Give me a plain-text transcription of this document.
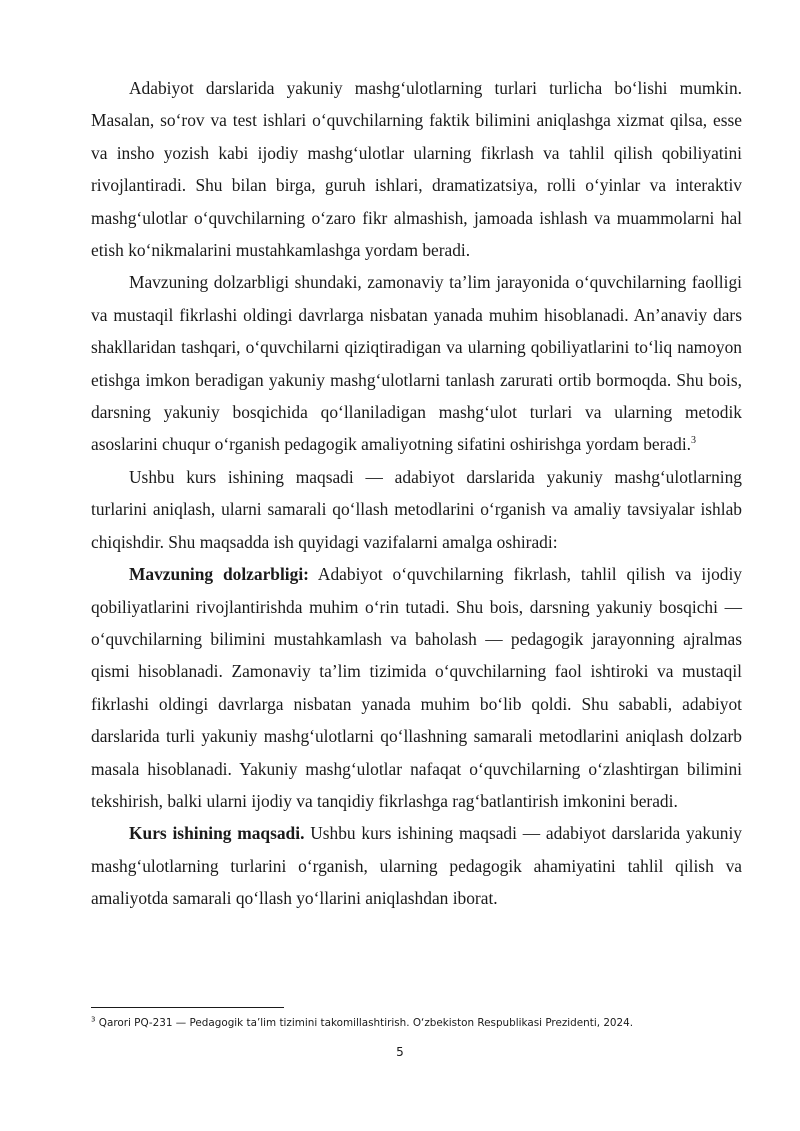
Adabiyot darslarida yakuniy mashg‘ulotlarning turlari turlicha bo‘lishi mumkin. Masalan, so‘rov va test ishlari o‘quvchilarning faktik bilimini aniqlashga xizmat qilsa, esse va insho yozish kabi ijodiy mashg‘ulotlar ularning fikrlash va tahlil qilish qobiliyatini rivojlantiradi. Shu bilan birga, guruh ishlari, dramatizatsiya, rolli o‘yinlar va interaktiv mashg‘ulotlar o‘quvchilarning o‘zaro fikr almashish, jamoada ishlash va muammolarni hal etish ko‘nikmalarini mustahkamlashga yordam beradi.

Mavzuning dolzarbligi shundaki, zamonaviy ta’lim jarayonida o‘quvchilarning faolligi va mustaqil fikrlashi oldingi davrlarga nisbatan yanada muhim hisoblanadi. An’anaviy dars shakllaridan tashqari, o‘quvchilarni qiziqtiradigan va ularning qobiliyatlarini to‘liq namoyon etishga imkon beradigan yakuniy mashg‘ulotlarni tanlash zarurati ortib bormoqda. Shu bois, darsning yakuniy bosqichida qo‘llaniladigan mashg‘ulot turlari va ularning metodik asoslarini chuqur o‘rganish pedagogik amaliyotning sifatini oshirishga yordam beradi.$^3$

Ushbu kurs ishining maqsadi — adabiyot darslarida yakuniy mashg‘ulotlarning turlarini aniqlash, ularni samarali qo‘llash metodlarini o‘rganish va amaliy tavsiyalar ishlab chiqishdir. Shu maqsadda ish quyidagi vazifalarni amalga oshiradi:

Mavzuning dolzarbligi: Adabiyot o‘quvchilarning fikrlash, tahlil qilish va ijodiy qobiliyatlarini rivojlantirishda muhim o‘rin tutadi. Shu bois, darsning yakuniy bosqichi — o‘quvchilarning bilimini mustahkamlash va baholash — pedagogik jarayonning ajralmas qismi hisoblanadi. Zamonaviy ta’lim tizimida o‘quvchilarning faol ishtiroki va mustaqil fikrlashi oldingi davrlarga nisbatan yanada muhim bo‘lib qoldi. Shu sababli, adabiyot darslarida turli yakuniy mashg‘ulotlarni qo‘llashning samarali metodlarini aniqlash dolzarb masala hisoblanadi. Yakuniy mashg‘ulotlar nafaqat o‘quvchilarning o‘zlashtirgan bilimini tekshirish, balki ularni ijodiy va tanqidiy fikrlashga rag‘batlantirish imkonini beradi.

Kurs ishining maqsadi. Ushbu kurs ishining maqsadi — adabiyot darslarida yakuniy mashg‘ulotlarning turlarini o‘rganish, ularning pedagogik ahamiyatini tahlil qilish va amaliyotda samarali qo‘llash yo‘llarini aniqlashdan iborat.

$^3$ Qarori PQ-231 — Pedagogik ta’lim tizimini takomillashtirish. O‘zbekiston Respublikasi Prezidenti, 2024.

5
